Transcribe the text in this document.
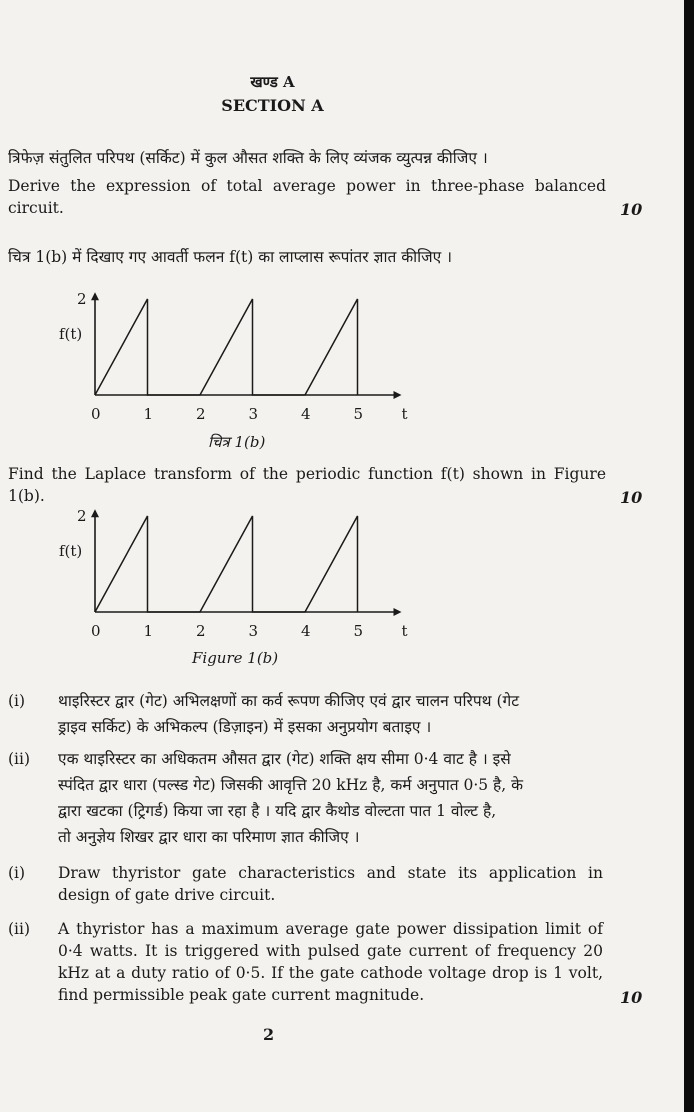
खण्ड A
SECTION A
त्रिफेज़ संतुलित परिपथ (सर्किट) में कुल औसत शक्ति के लिए व्यंजक व्युत्पन्न कीजिए ।
Derive the expression of total average power in three-phase balanced circuit.	10
चित्र 1(b) में दिखाए गए आवर्ती फलन f(t) का लाप्लास रूपांतर ज्ञात कीजिए ।
0	1	2	3	4	5	t
2
f(t)
चित्र 1(b)
Find the Laplace transform of the periodic function f(t) shown in Figure 1(b).	10
0	1	2	3	4	5	t
2
f(t)
Figure 1(b)
(i) थाइरिस्टर द्वार (गेट) अभिलक्षणों का कर्व रूपण कीजिए एवं द्वार चालन परिपथ (गेट
ड्राइव सर्किट) के अभिकल्प (डिज़ाइन) में इसका अनुप्रयोग बताइए ।
(ii) एक थाइरिस्टर का अधिकतम औसत द्वार (गेट) शक्ति क्षय सीमा 0·4 वाट है । इसे
स्पंदित द्वार धारा (पल्स्ड गेट) जिसकी आवृत्ति 20 kHz है, कर्म अनुपात 0·5 है, के
द्वारा खटका (ट्रिगर्ड) किया जा रहा है । यदि द्वार कैथोड वोल्टता पात 1 वोल्ट है,
तो अनुज्ञेय शिखर द्वार धारा का परिमाण ज्ञात कीजिए ।
(i) Draw thyristor gate characteristics and state its application in design of gate drive circuit.
(ii) A thyristor has a maximum average gate power dissipation limit of 0·4 watts. It is triggered with pulsed gate current of frequency 20 kHz at a duty ratio of 0·5. If the gate cathode voltage drop is 1 volt, find permissible peak gate current magnitude.	10
2
